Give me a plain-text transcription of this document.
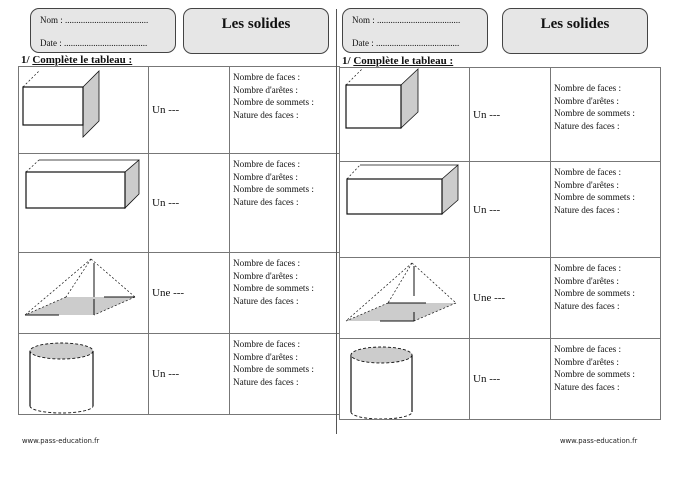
Nom : .....................................
Date : .....................................
Les solides
1/ Complète le tableau :
	Un ---	Nombre de faces :
Nombre d'arêtes :
Nombre de sommets :
Nature des faces :

	Un ---	Nombre de faces :
Nombre d'arêtes :
Nombre de sommets :
Nature des faces :

	Une ---	Nombre de faces :
Nombre d'arêtes :
Nombre de sommets :
Nature des faces :

	Un ---	Nombre de faces :
Nombre d'arêtes :
Nombre de sommets :
Nature des faces :
www.pass-education.fr
Nom : .....................................
Date : .....................................
Les solides
1/ Complète le tableau :
	Un ---	Nombre de faces :
Nombre d'arêtes :
Nombre de sommets :
Nature des faces :

	Un ---	Nombre de faces :
Nombre d'arêtes :
Nombre de sommets :
Nature des faces :

	Une ---	Nombre de faces :
Nombre d'arêtes :
Nombre de sommets :
Nature des faces :

	Un ---	Nombre de faces :
Nombre d'arêtes :
Nombre de sommets :
Nature des faces :
www.pass-education.fr
